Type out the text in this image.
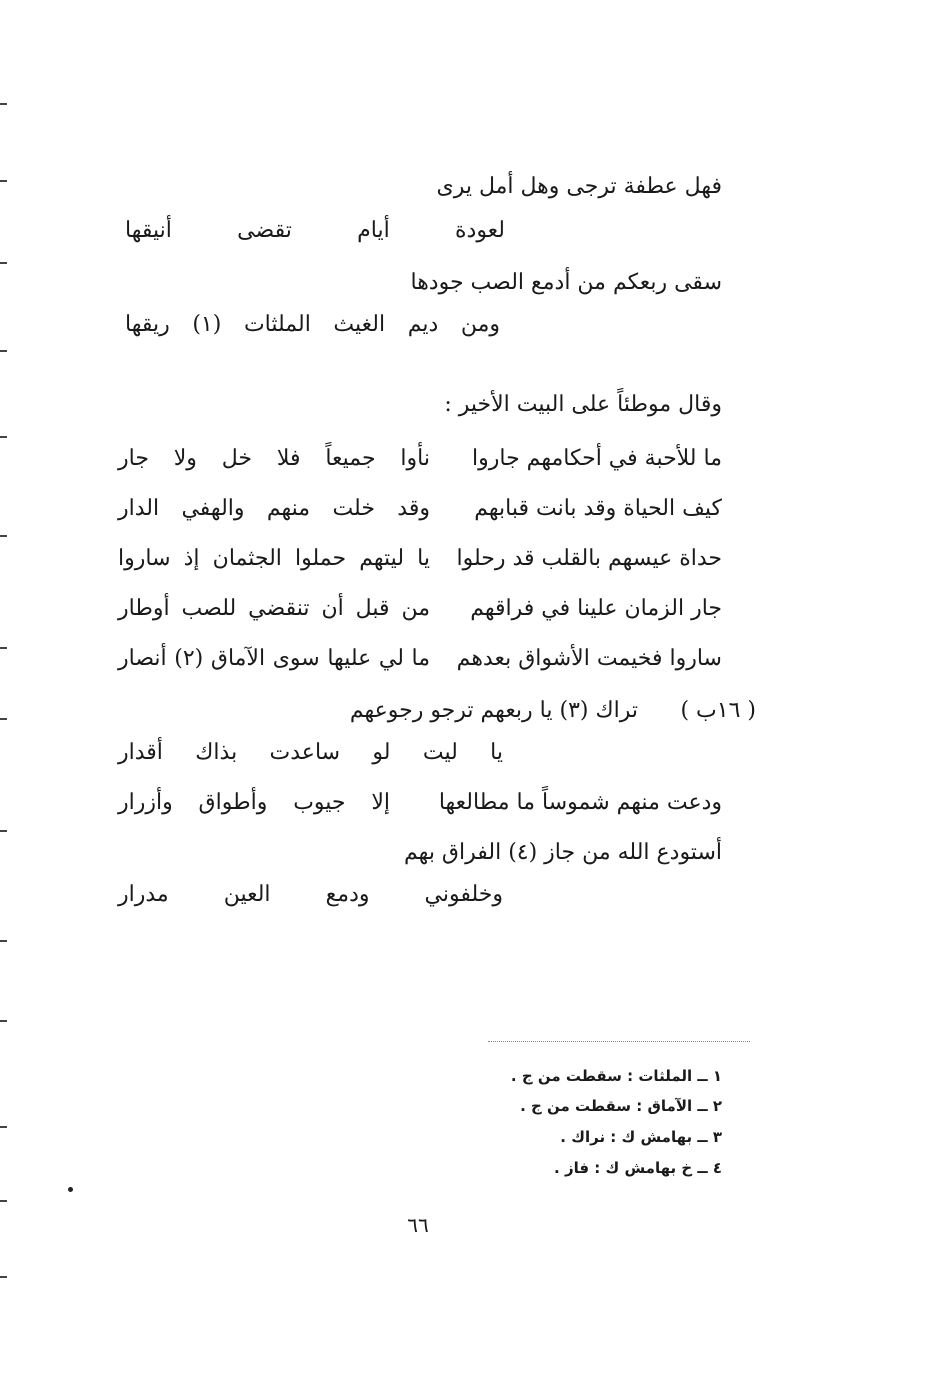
فهل عطفة ترجى وهل أمل يرى
لعودة أيام تقضى أنيقها
سقى ربعكم من أدمع الصب جودها
ومن ديم الغيث الملثات (١) ريقها
وقال موطئاً على البيت الأخير :
ما للأحبة في أحكامهم جاروا
نأوا جميعاً فلا خل ولا جار
كيف الحياة وقد بانت قبابهم
وقد خلت منهم والهفي الدار
حداة عيسهم بالقلب قد رحلوا
يا ليتهم حملوا الجثمان إذ ساروا
جار الزمان علينا في فراقهم
من قبل أن تنقضي للصب أوطار
ساروا فخيمت الأشواق بعدهم
ما لي عليها سوى الآماق (٢) أنصار
( ١٦ب )
تراك (٣) يا ربعهم ترجو رجوعهم
يا ليت لو ساعدت بذاك أقدار
ودعت منهم شموساً ما مطالعها
إلا جيوب وأطواق وأزرار
أستودع الله من جاز (٤) الفراق بهم
وخلفوني ودمع العين مدرار
١ ــ الملثات : سقطت من ج .
٢ ــ الآماق : سقطت من ج .
٣ ــ بهامش ك : نراك .
٤ ــ خ بهامش ك : فاز .
٦٦
